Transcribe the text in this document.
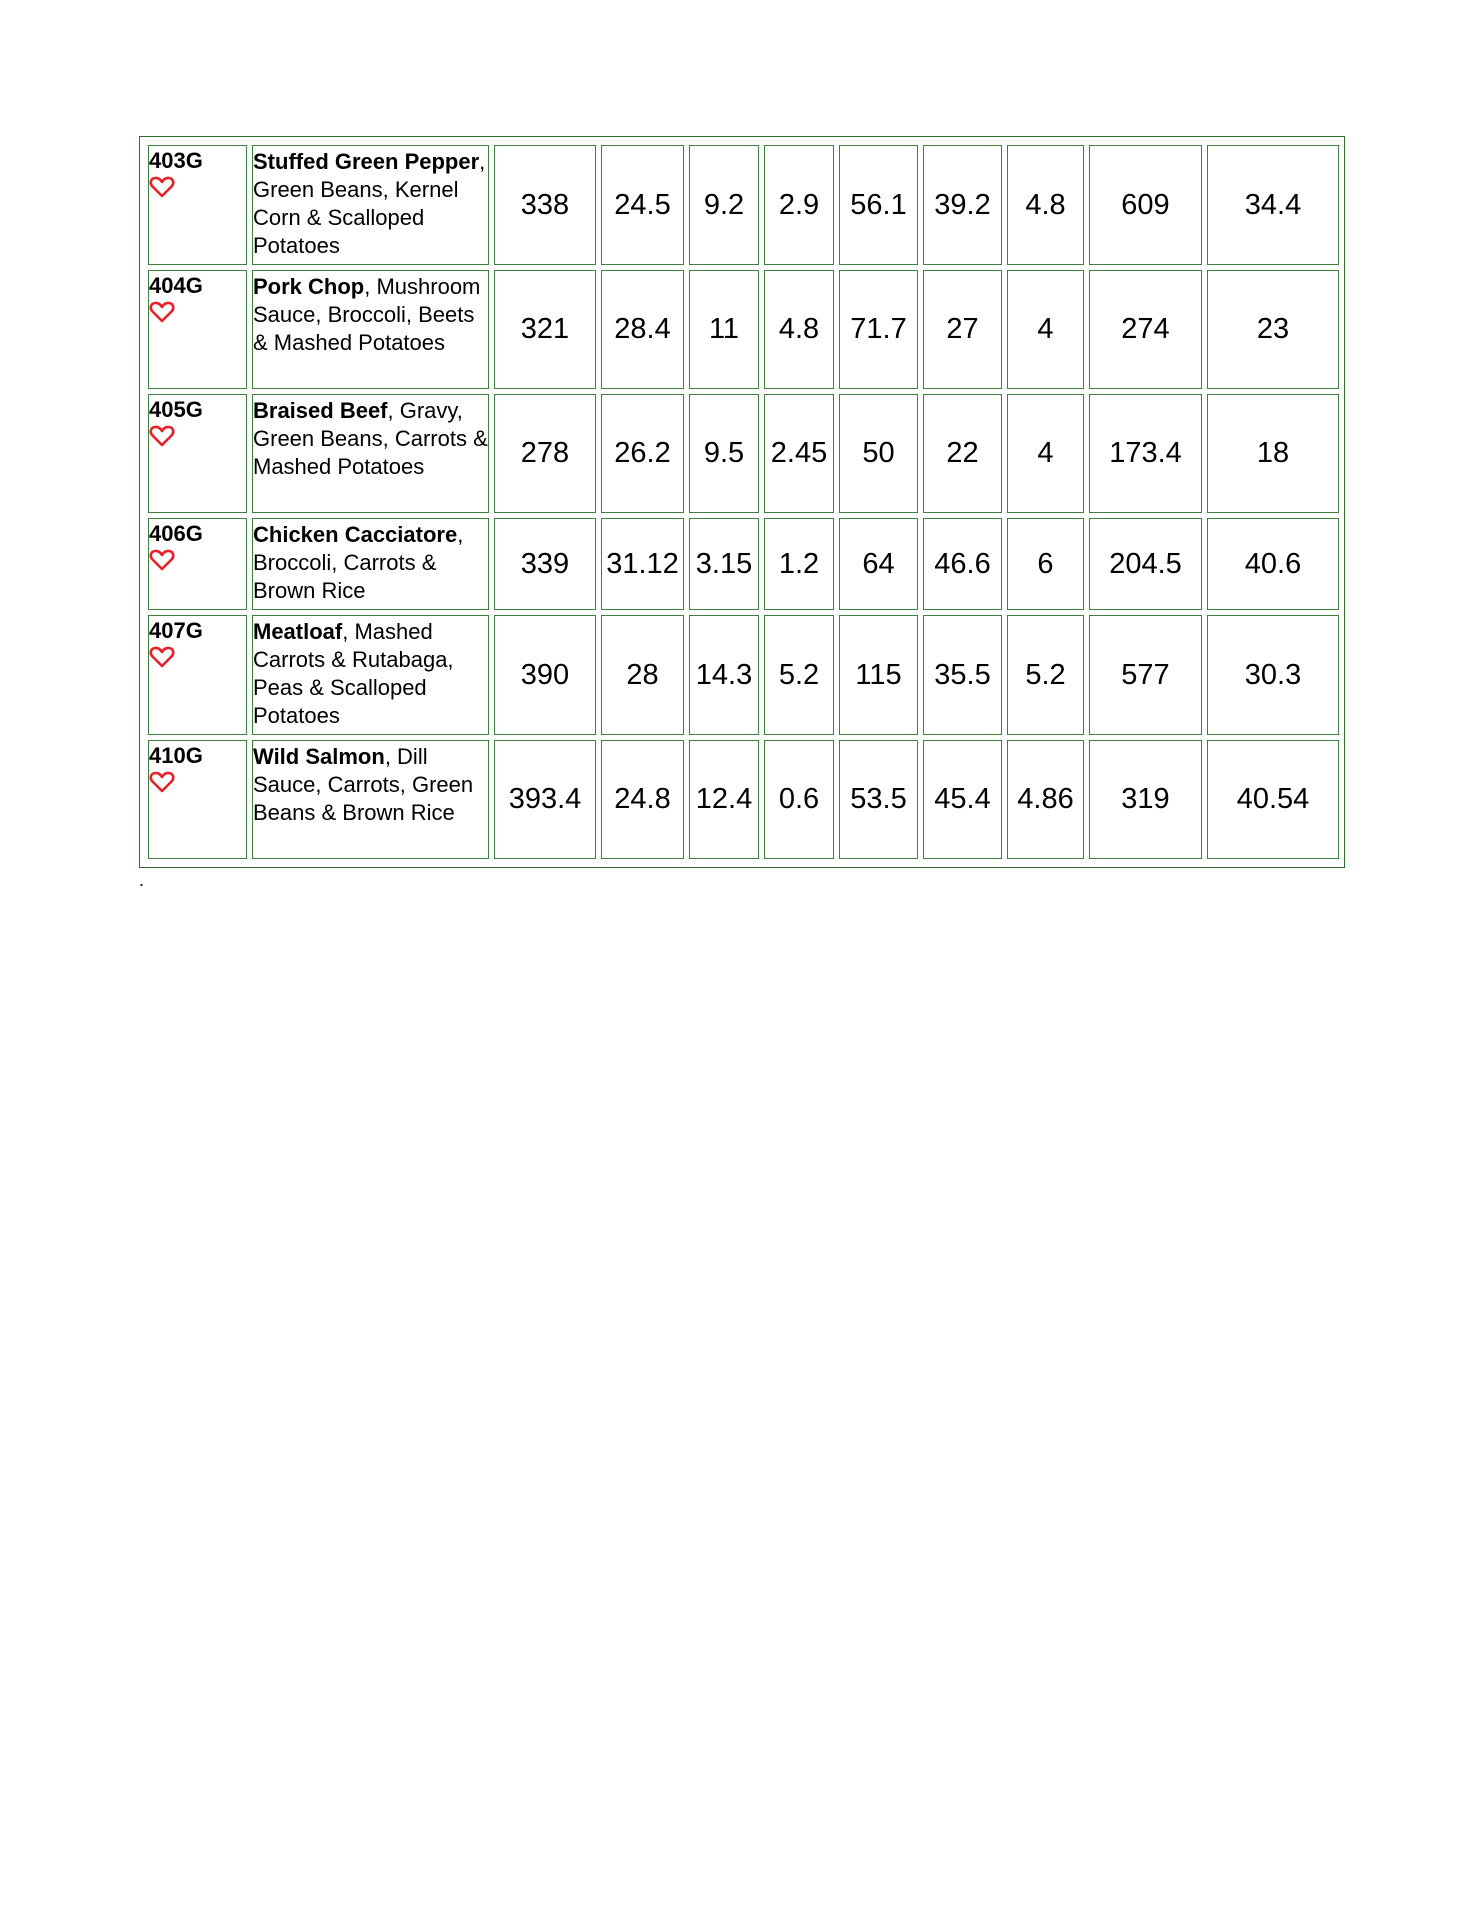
403G	Stuffed Green Pepper, Green Beans, Kernel Corn & Scalloped Potatoes	338	24.5	9.2	2.9	56.1	39.2	4.8	609	34.4
404G	Pork Chop, Mushroom Sauce, Broccoli, Beets & Mashed Potatoes	321	28.4	11	4.8	71.7	27	4	274	23
405G	Braised Beef, Gravy, Green Beans, Carrots & Mashed Potatoes	278	26.2	9.5	2.45	50	22	4	173.4	18
406G	Chicken Cacciatore, Broccoli, Carrots & Brown Rice	339	31.12	3.15	1.2	64	46.6	6	204.5	40.6
407G	Meatloaf, Mashed Carrots & Rutabaga, Peas & Scalloped Potatoes	390	28	14.3	5.2	115	35.5	5.2	577	30.3
410G	Wild Salmon, Dill Sauce, Carrots, Green Beans & Brown Rice	393.4	24.8	12.4	0.6	53.5	45.4	4.86	319	40.54
.
